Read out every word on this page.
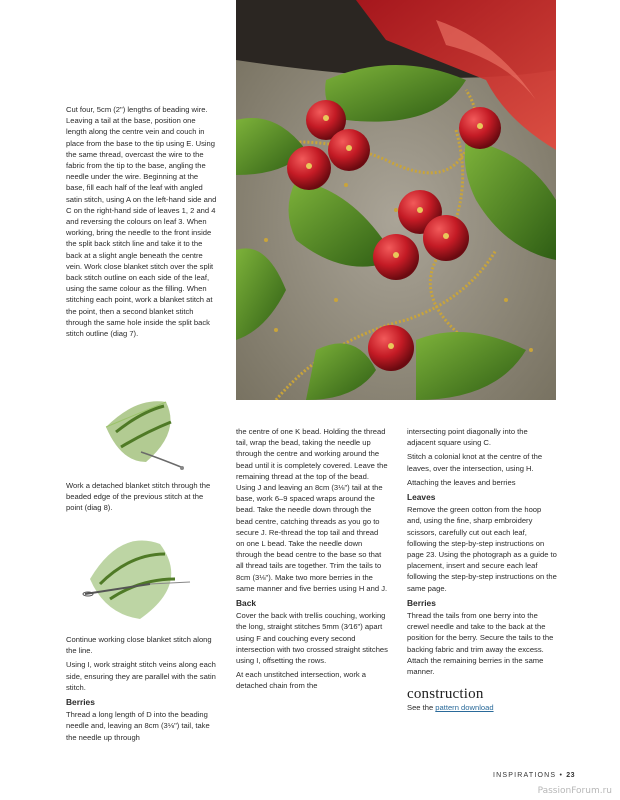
Cut four, 5cm (2") lengths of beading wire. Leaving a tail at the base, position one length along the centre vein and couch in place from the base to the tip using E. Using the same thread, overcast the wire to the fabric from the tip to the base, angling the needle under the wire. Beginning at the base, fill each half of the leaf with angled satin stitch, using A on the left-hand side and C on the right-hand side of leaves 1, 2 and 4 and reversing the colours on leaf 3. When working, bring the needle to the front inside the split back stitch line and take it to the back at a slight angle beneath the centre vein. Work close blanket stitch over the split back stitch outline on each side of the leaf, using the same colour as the filling. When stitching each point, work a blanket stitch at the point, then a second blanket stitch through the same hole inside the split back stitch outline (diag 7).

Work a detached blanket stitch through the beaded edge of the previous stitch at the point (diag 8).

Continue working close blanket stitch along the line.

Using I, work straight stitch veins along each side, ensuring they are parallel with the satin stitch.

Berries

Thread a long length of D into the beading needle and, leaving an 8cm (3⅛") tail, take the needle up through

the centre of one K bead. Holding the thread tail, wrap the bead, taking the needle up through the centre and working around the bead until it is completely covered. Leave the remaining thread at the top of the bead. Using J and leaving an 8cm (3⅛") tail at the base, work 6–9 spaced wraps around the bead. Take the needle down through the bead centre, catching threads as you go to secure J. Re-thread the top tail and thread on one L bead. Take the needle down through the bead centre to the base so that all thread tails are together. Trim the tails to 8cm (3⅛"). Make two more berries in the same manner and five berries using H and J.

Back

Cover the back with trellis couching, working the long, straight stitches 5mm (3⁄16") apart using F and couching every second intersection with two crossed straight stitches using I, offsetting the rows.

At each unstitched intersection, work a detached chain from the

intersecting point diagonally into the adjacent square using C.

Stitch a colonial knot at the centre of the leaves, over the intersection, using H.

Attaching the leaves and berries

Leaves

Remove the green cotton from the hoop and, using the fine, sharp embroidery scissors, carefully cut out each leaf, following the step-by-step instructions on page 23. Using the photograph as a guide to placement, insert and secure each leaf following the step-by-step instructions on the same page.

Berries

Thread the tails from one berry into the crewel needle and take to the back at the position for the berry. Secure the tails to the backing fabric and trim away the excess. Attach the remaining berries in the same manner.

construction

See the pattern download

INSPIRATIONS • 23
PassionForum.ru
